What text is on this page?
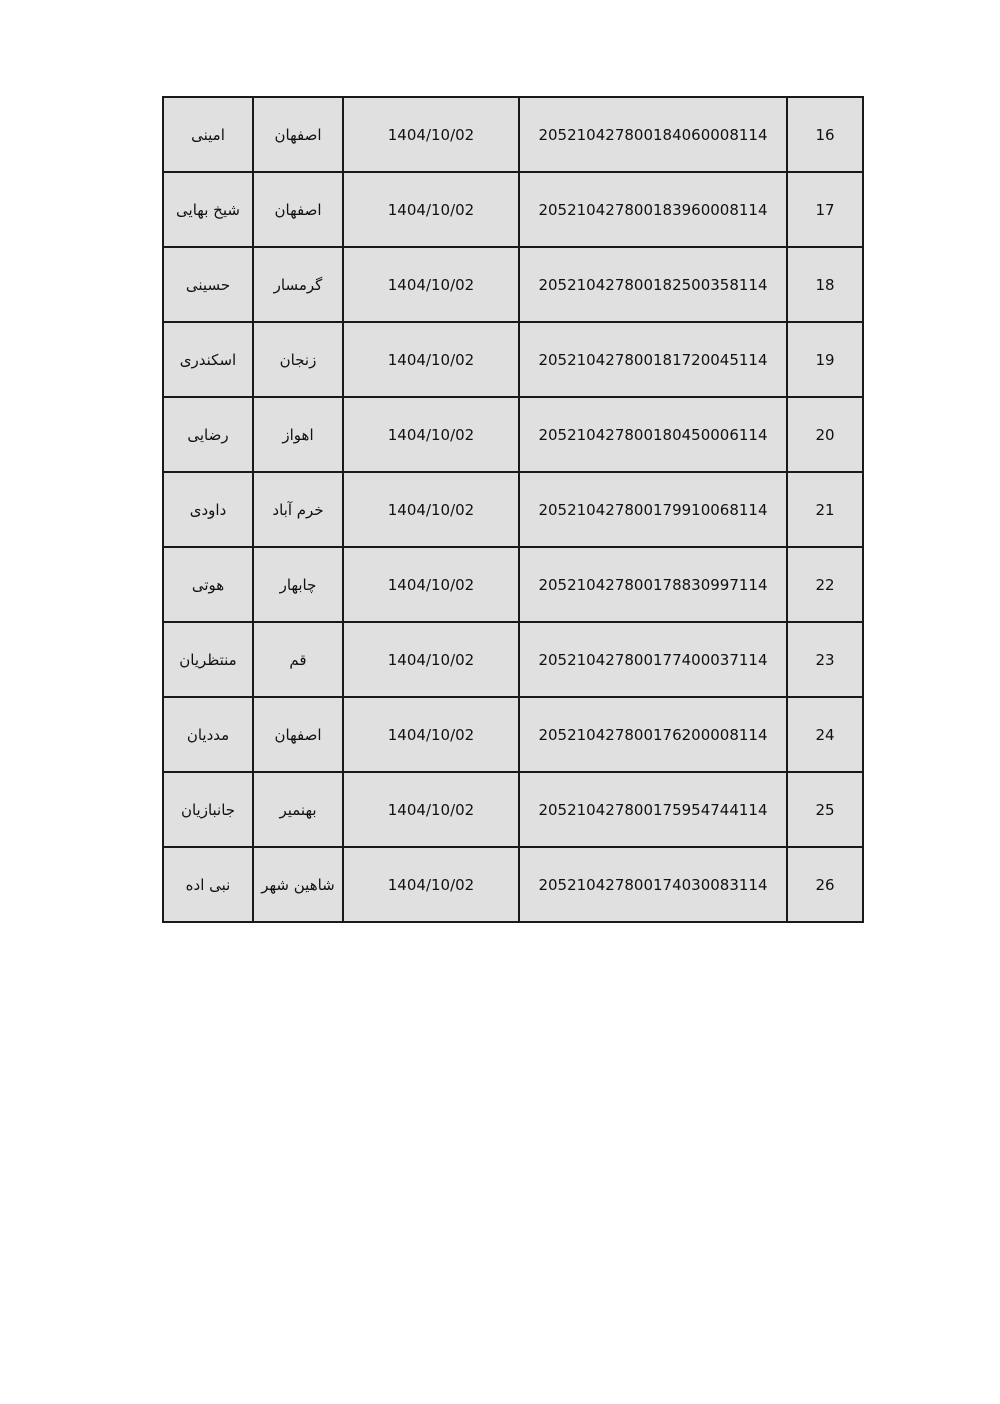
امینی	اصفهان	1404/10/02	205210427800184060008114	16
شیخ بهایی	اصفهان	1404/10/02	205210427800183960008114	17
حسینی	گرمسار	1404/10/02	205210427800182500358114	18
اسکندری	زنجان	1404/10/02	205210427800181720045114	19
رضایی	اهواز	1404/10/02	205210427800180450006114	20
داودی	خرم آباد	1404/10/02	205210427800179910068114	21
هوتی	چابهار	1404/10/02	205210427800178830997114	22
منتظریان	قم	1404/10/02	205210427800177400037114	23
مددیان	اصفهان	1404/10/02	205210427800176200008114	24
جانبازیان	بهنمیر	1404/10/02	205210427800175954744114	25
نبی اده	شاهین شهر	1404/10/02	205210427800174030083114	26
